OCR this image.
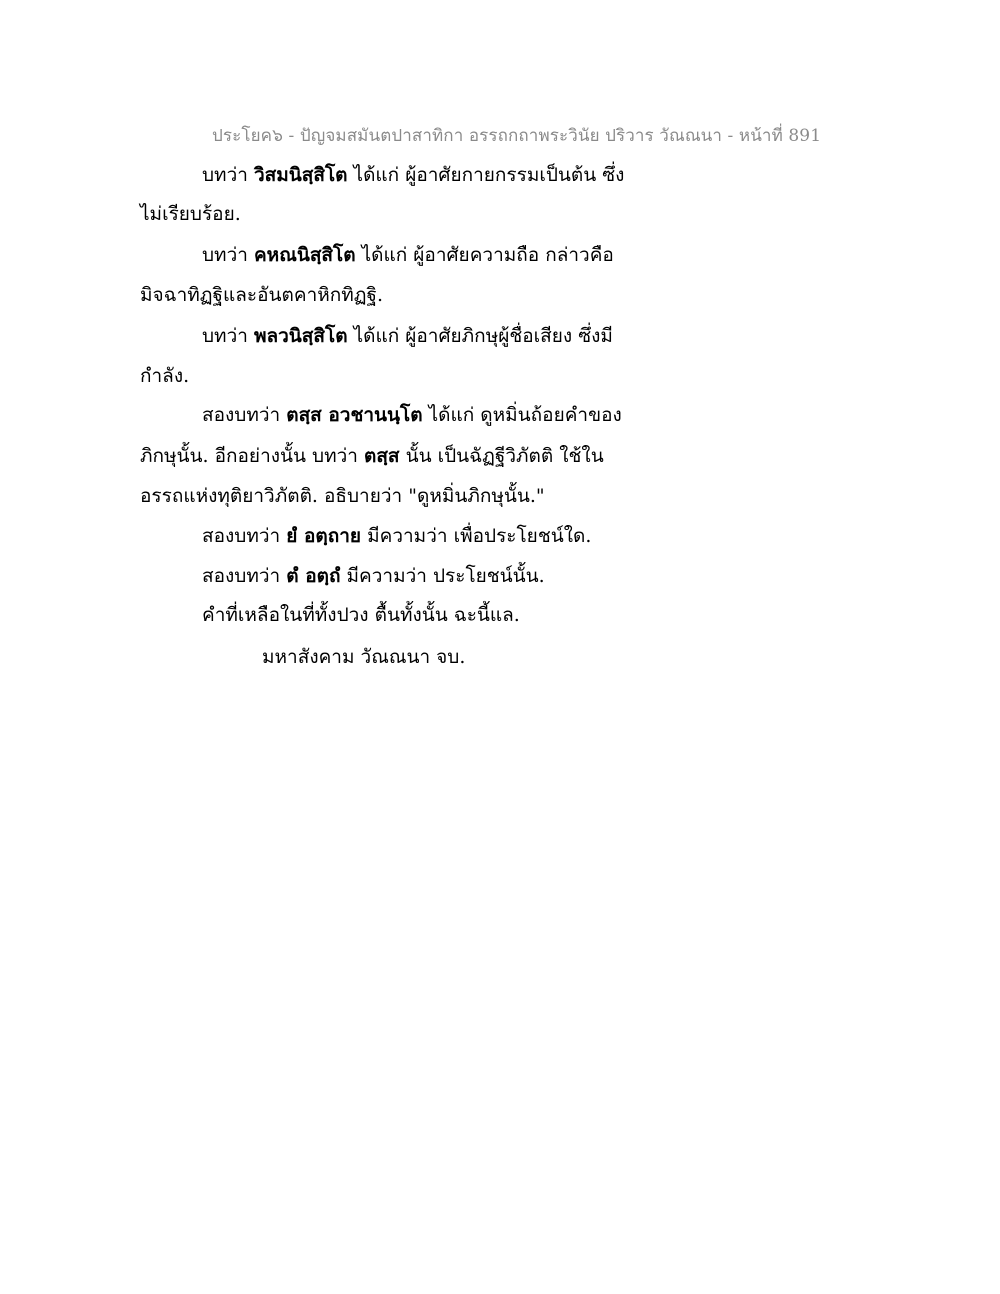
ประโยค๖ - ปัญจมสมันตปาสาทิกา อรรถกถาพระวินัย ปริวาร วัณณนา - หน้าที่ 891
บทว่า วิสมนิสฺสิโต ได้แก่ ผู้อาศัยกายกรรมเป็นต้น ซึ่ง
ไม่เรียบร้อย.
บทว่า คหณนิสฺสิโต ได้แก่ ผู้อาศัยความถือ กล่าวคือ
มิจฉาทิฏฐิและอันตคาหิกทิฏฐิ.
บทว่า พลวนิสฺสิโต ได้แก่ ผู้อาศัยภิกษุผู้ชื่อเสียง ซึ่งมี
กำลัง.
สองบทว่า ตสฺส อวชานนฺโต ได้แก่ ดูหมิ่นถ้อยคำของ
ภิกษุนั้น. อีกอย่างนั้น บทว่า ตสฺส นั้น เป็นฉัฏฐีวิภัตติ ใช้ใน
อรรถแห่งทุติยาวิภัตติ. อธิบายว่า "ดูหมิ่นภิกษุนั้น."
สองบทว่า ยํ อตฺถาย มีความว่า เพื่อประโยชน์ใด.
สองบทว่า ตํ อตฺถํ มีความว่า ประโยชน์นั้น.
คำที่เหลือในที่ทั้งปวง ตื้นทั้งนั้น ฉะนี้แล.
มหาสังคาม วัณณนา จบ.
